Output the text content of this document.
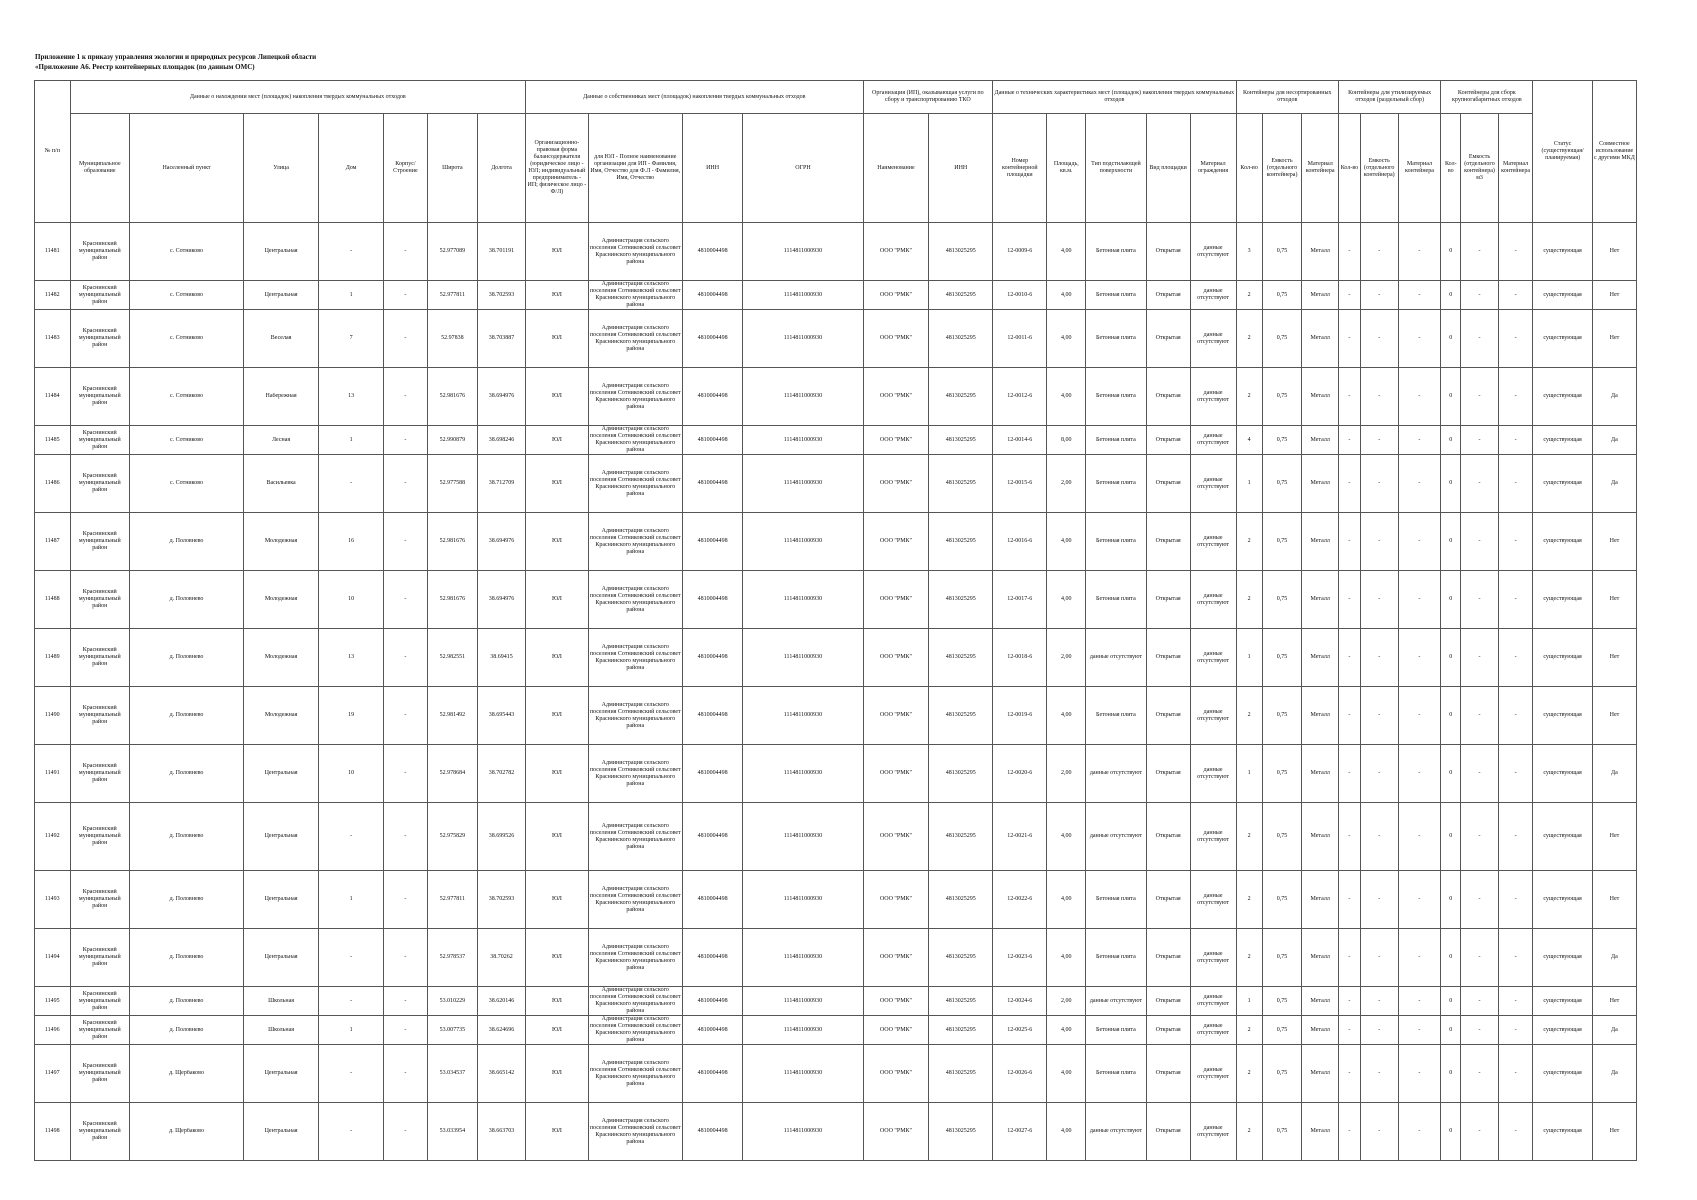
Приложение 1 к приказу управления экологии и природных ресурсов Липецкой области
«Приложение А6. Реестр контейнерных площадок (по данным ОМС)
№ п/п	Данные о нахождении мест (площадок) накопления твердых коммунальных отходов							Данные о собственниках мест (площадок) накопления твердых коммунальных отходов				Организация (ИП), оказывающая услуги по сбору и транспортированию ТКО		Данные о технических характеристиках мест (площадок) накопления твердых коммунальных отходов					Контейнеры для несортированных отходов			Контейнеры для утилизируемых отходов (раздельный сбор)			Контейнеры для сборк крупногабаритных отходов			Статус (существующая/планируемая)	Совместное использование с другими МКД
	Муниципальное образование	Населенный пункт	Улица	Дом	Корпус/Строение	Широта	Долгота	Организационно-правовая форма балансодержателя (юридическое лицо - ЮЛ; индивидуальный предприниматель - ИП; физическое лицо - Ф/Л)	для ЮЛ - Полное наименование организации для ИП - Фамилия, Имя, Отчество для Ф.Л - Фамилия, Имя, Отчество	ИНН	ОГРН	Наименование	ИНН	Номер контейнерной площадки	Площадь, кв.м.	Тип подстилающей поверхности	Вид площадки	Материал ограждения	Кол-во	Емкость (отдельного контейнера)	Материал контейнера	Кол-во	Емкость (отдельного контейнера)	Материал контейнера	Кол-во	Емкость (отдельного контейнера) м3	Материал контейнера		

11481	Краснинский муниципальный район	с. Сотниково	Центральная	-	-	52.977089	38.701191	ЮЛ	Администрация сельского поселения Сотниковский сельсовет Краснинского муниципального района	4810004498	1114811000930	ООО "РМК"	4813025295	12-0009-6	4,00	Бетонная плита	Открытая	данные отсутствуют	3	0,75	Металл	-	-	-	0	-	-	существующая	Нет

11482	Краснинский муниципальный район	с. Сотниково	Центральная	1	-	52.977811	38.702593	ЮЛ	Администрация сельского поселения Сотниковский сельсовет Краснинского муниципального района	4810004498	1114811000930	ООО "РМК"	4813025295	12-0010-6	4,00	Бетонная плита	Открытая	данные отсутствуют	2	0,75	Металл	-	-	-	0	-	-	существующая	Нет

11483	Краснинский муниципальный район	с. Сотниково	Веселая	7	-	52.97838	38.703887	ЮЛ	Администрация сельского поселения Сотниковский сельсовет Краснинского муниципального района	4810004498	1114811000930	ООО "РМК"	4813025295	12-0011-6	4,00	Бетонная плита	Открытая	данные отсутствуют	2	0,75	Металл	-	-	-	0	-	-	существующая	Нет

11484	Краснинский муниципальный район	с. Сотниково	Набережная	13	-	52.981676	38.694976	ЮЛ	Администрация сельского поселения Сотниковский сельсовет Краснинского муниципального района	4810004498	1114811000930	ООО "РМК"	4813025295	12-0012-6	4,00	Бетонная плита	Открытая	данные отсутствуют	2	0,75	Металл	-	-	-	0	-	-	существующая	Да

11485	Краснинский муниципальный район	с. Сотниково	Лесная	1	-	52.990879	38.698246	ЮЛ	Администрация сельского поселения Сотниковский сельсовет Краснинского муниципального района	4810004498	1114811000930	ООО "РМК"	4813025295	12-0014-6	8,00	Бетонная плита	Открытая	данные отсутствуют	4	0,75	Металл	-	-	-	0	-	-	существующая	Да

11486	Краснинский муниципальный район	с. Сотниково	Васильевка	-	-	52.977588	38.712709	ЮЛ	Администрация сельского поселения Сотниковский сельсовет Краснинского муниципального района	4810004498	1114811000930	ООО "РМК"	4813025295	12-0015-6	2,00	Бетонная плита	Открытая	данные отсутствуют	1	0,75	Металл	-	-	-	0	-	-	существующая	Да

11487	Краснинский муниципальный район	д. Половнево	Молодежная	16	-	52.981676	38.694976	ЮЛ	Администрация сельского поселения Сотниковский сельсовет Краснинского муниципального района	4810004498	1114811000930	ООО "РМК"	4813025295	12-0016-6	4,00	Бетонная плита	Открытая	данные отсутствуют	2	0,75	Металл	-	-	-	0	-	-	существующая	Нет

11488	Краснинский муниципальный район	д. Половнево	Молодежная	10	-	52.981676	38.694976	ЮЛ	Администрация сельского поселения Сотниковский сельсовет Краснинского муниципального района	4810004498	1114811000930	ООО "РМК"	4813025295	12-0017-6	4,00	Бетонная плита	Открытая	данные отсутствуют	2	0,75	Металл	-	-	-	0	-	-	существующая	Нет

11489	Краснинский муниципальный район	д. Половнево	Молодежная	13	-	52.982551	38.69415	ЮЛ	Администрация сельского поселения Сотниковский сельсовет Краснинского муниципального района	4810004498	1114811000930	ООО "РМК"	4813025295	12-0018-6	2,00	данные отсутствуют	Открытая	данные отсутствуют	1	0,75	Металл	-	-	-	0	-	-	существующая	Нет

11490	Краснинский муниципальный район	д. Половнево	Молодежная	19	-	52.981492	38.695443	ЮЛ	Администрация сельского поселения Сотниковский сельсовет Краснинского муниципального района	4810004498	1114811000930	ООО "РМК"	4813025295	12-0019-6	4,00	Бетонная плита	Открытая	данные отсутствуют	2	0,75	Металл	-	-	-	0	-	-	существующая	Нет

11491	Краснинский муниципальный район	д. Половнево	Центральная	10	-	52.978684	38.702782	ЮЛ	Администрация сельского поселения Сотниковский сельсовет Краснинского муниципального района	4810004498	1114811000930	ООО "РМК"	4813025295	12-0020-6	2,00	данные отсутствуют	Открытая	данные отсутствуют	1	0,75	Металл	-	-	-	0	-	-	существующая	Да

11492	Краснинский муниципальный район	д. Половнево	Центральная	-	-	52.975829	38.699526	ЮЛ	Администрация сельского поселения Сотниковский сельсовет Краснинского муниципального района	4810004498	1114811000930	ООО "РМК"	4813025295	12-0021-6	4,00	данные отсутствуют	Открытая	данные отсутствуют	2	0,75	Металл	-	-	-	0	-	-	существующая	Нет

11493	Краснинский муниципальный район	д. Половнево	Центральная	1	-	52.977811	38.702593	ЮЛ	Администрация сельского поселения Сотниковский сельсовет Краснинского муниципального района	4810004498	1114811000930	ООО "РМК"	4813025295	12-0022-6	4,00	Бетонная плита	Открытая	данные отсутствуют	2	0,75	Металл	-	-	-	0	-	-	существующая	Нет

11494	Краснинский муниципальный район	д. Половнево	Центральная	-	-	52.978537	38.70262	ЮЛ	Администрация сельского поселения Сотниковский сельсовет Краснинского муниципального района	4810004498	1114811000930	ООО "РМК"	4813025295	12-0023-6	4,00	Бетонная плита	Открытая	данные отсутствуют	2	0,75	Металл	-	-	-	0	-	-	существующая	Да

11495	Краснинский муниципальный район	д. Половнево	Школьная	-	-	53.010229	38.620146	ЮЛ	Администрация сельского поселения Сотниковский сельсовет Краснинского муниципального района	4810004498	1114811000930	ООО "РМК"	4813025295	12-0024-6	2,00	данные отсутствуют	Открытая	данные отсутствуют	1	0,75	Металл	-	-	-	0	-	-	существующая	Нет

11496	Краснинский муниципальный район	д. Половнево	Школьная	1	-	53.007735	38.624696	ЮЛ	Администрация сельского поселения Сотниковский сельсовет Краснинского муниципального района	4810004498	1114811000930	ООО "РМК"	4813025295	12-0025-6	4,00	Бетонная плита	Открытая	данные отсутствуют	2	0,75	Металл	-	-	-	0	-	-	существующая	Да

11497	Краснинский муниципальный район	д. Щербаково	Центральная	-	-	53.034537	38.665142	ЮЛ	Администрация сельского поселения Сотниковский сельсовет Краснинского муниципального района	4810004498	1114811000930	ООО "РМК"	4813025295	12-0026-6	4,00	Бетонная плита	Открытая	данные отсутствуют	2	0,75	Металл	-	-	-	0	-	-	существующая	Да

11498	Краснинский муниципальный район	д. Щербаково	Центральная	-	-	53.033954	38.663703	ЮЛ	Администрация сельского поселения Сотниковский сельсовет Краснинского муниципального района	4810004498	1114811000930	ООО "РМК"	4813025295	12-0027-6	4,00	данные отсутствуют	Открытая	данные отсутствуют	2	0,75	Металл	-	-	-	0	-	-	существующая	Нет
